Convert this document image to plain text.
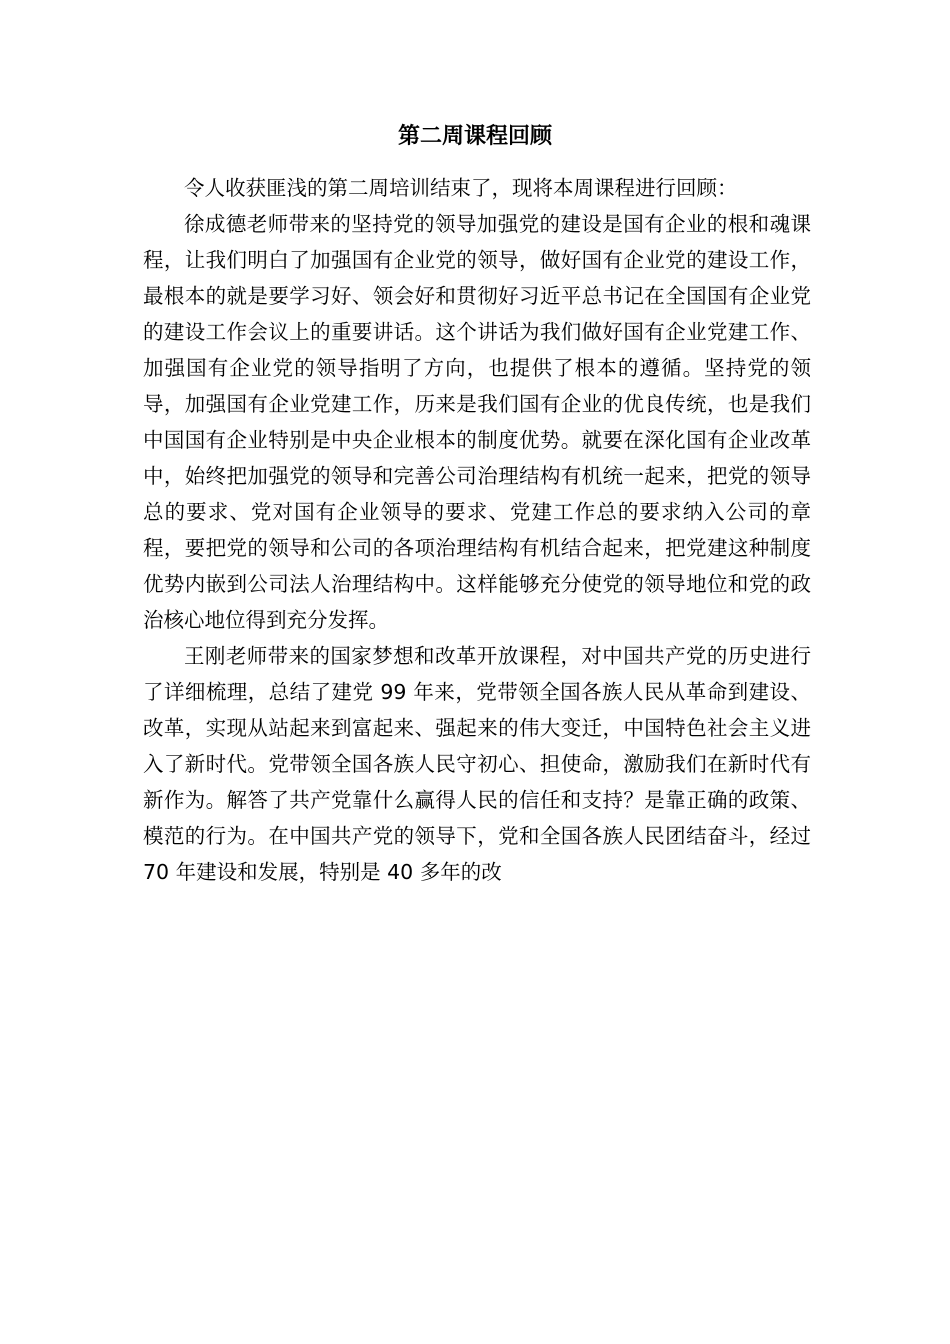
第二周课程回顾

令人收获匪浅的第二周培训结束了，现将本周课程进行回顾：

徐成德老师带来的坚持党的领导加强党的建设是国有企业的根和魂课程，让我们明白了加强国有企业党的领导，做好国有企业党的建设工作，最根本的就是要学习好、领会好和贯彻好习近平总书记在全国国有企业党的建设工作会议上的重要讲话。这个讲话为我们做好国有企业党建工作、加强国有企业党的领导指明了方向，也提供了根本的遵循。坚持党的领导，加强国有企业党建工作，历来是我们国有企业的优良传统，也是我们中国国有企业特别是中央企业根本的制度优势。就要在深化国有企业改革中，始终把加强党的领导和完善公司治理结构有机统一起来，把党的领导总的要求、党对国有企业领导的要求、党建工作总的要求纳入公司的章程，要把党的领导和公司的各项治理结构有机结合起来，把党建这种制度优势内嵌到公司法人治理结构中。这样能够充分使党的领导地位和党的政治核心地位得到充分发挥。

王刚老师带来的国家梦想和改革开放课程，对中国共产党的历史进行了详细梳理，总结了建党 99 年来，党带领全国各族人民从革命到建设、改革，实现从站起来到富起来、强起来的伟大变迁，中国特色社会主义进入了新时代。党带领全国各族人民守初心、担使命，激励我们在新时代有新作为。解答了共产党靠什么赢得人民的信任和支持？是靠正确的政策、模范的行为。在中国共产党的领导下，党和全国各族人民团结奋斗，经过 70 年建设和发展，特别是 40 多年的改
